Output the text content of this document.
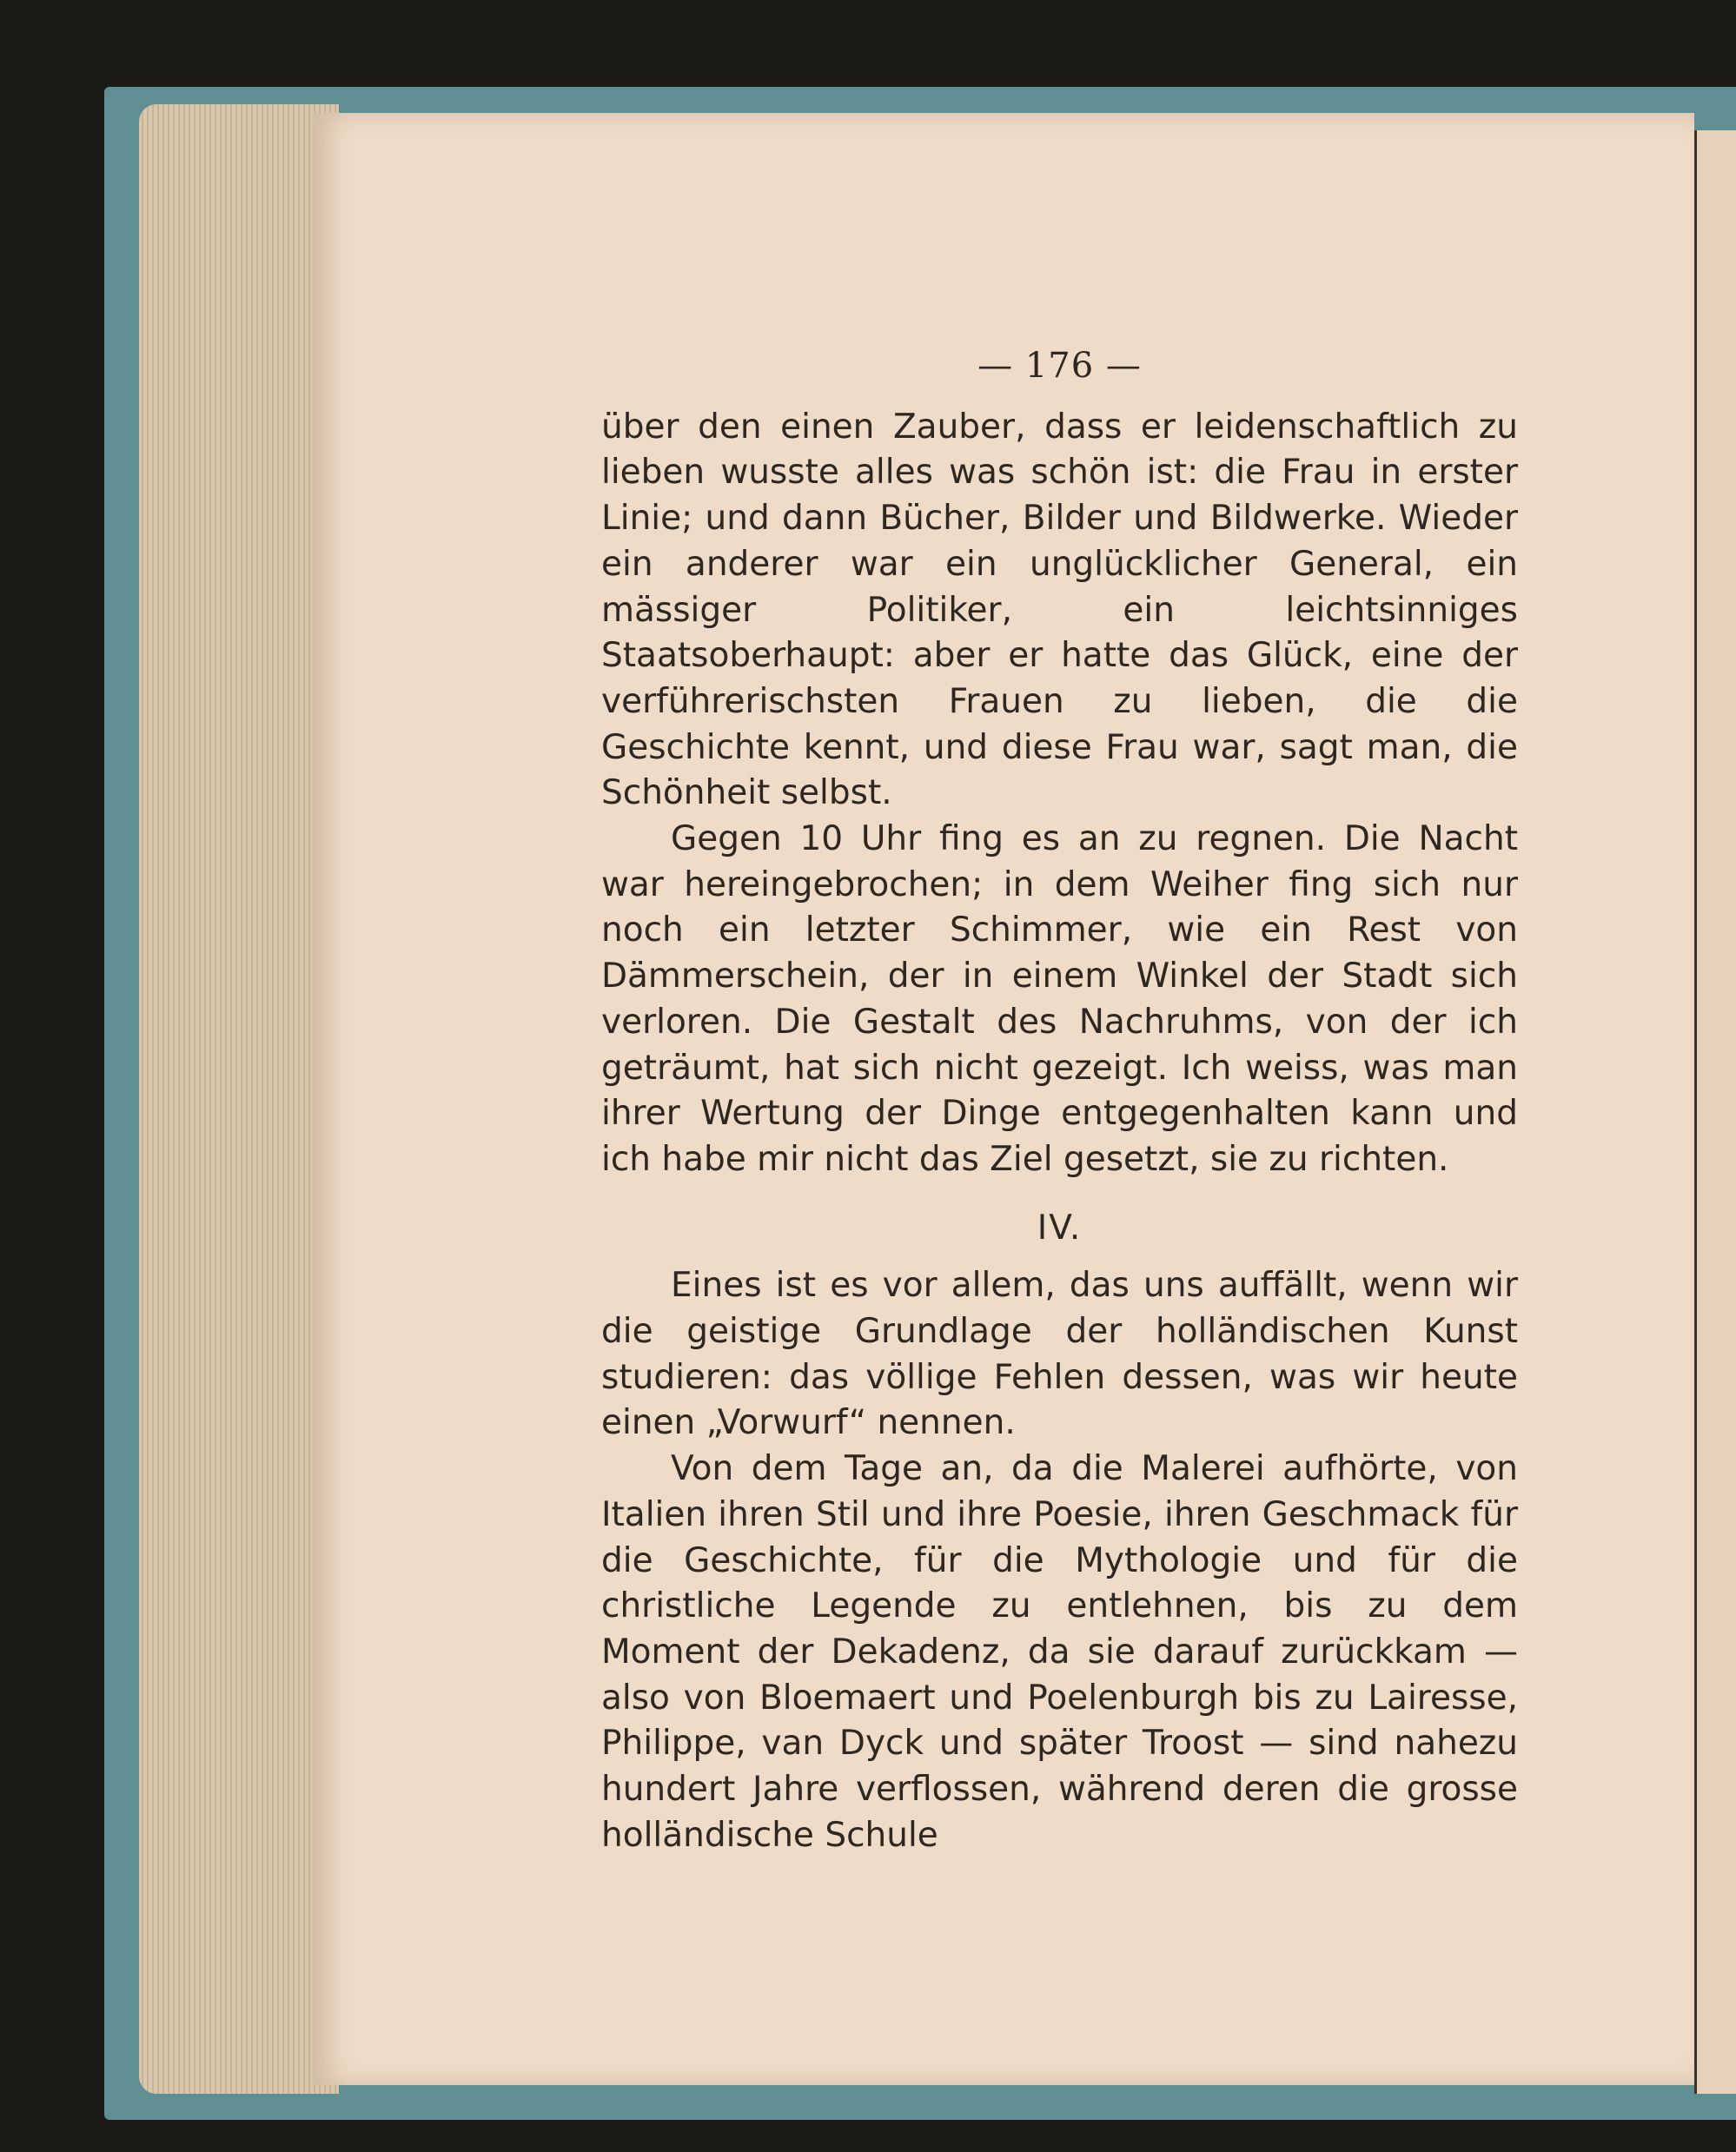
— 176 —

über den einen Zauber, dass er leidenschaftlich zu lieben wusste alles was schön ist: die Frau in erster Linie; und dann Bücher, Bilder und Bildwerke. Wieder ein anderer war ein unglücklicher General, ein mässiger Politiker, ein leichtsinniges Staatsoberhaupt: aber er hatte das Glück, eine der verführerischsten Frauen zu lieben, die die Geschichte kennt, und diese Frau war, sagt man, die Schönheit selbst.

Gegen 10 Uhr fing es an zu regnen. Die Nacht war hereingebrochen; in dem Weiher fing sich nur noch ein letzter Schimmer, wie ein Rest von Dämmerschein, der in einem Winkel der Stadt sich verloren. Die Gestalt des Nachruhms, von der ich geträumt, hat sich nicht gezeigt. Ich weiss, was man ihrer Wertung der Dinge entgegenhalten kann und ich habe mir nicht das Ziel gesetzt, sie zu richten.

IV.

Eines ist es vor allem, das uns auffällt, wenn wir die geistige Grundlage der holländischen Kunst studieren: das völlige Fehlen dessen, was wir heute einen „Vorwurf“ nennen.

Von dem Tage an, da die Malerei aufhörte, von Italien ihren Stil und ihre Poesie, ihren Geschmack für die Geschichte, für die Mythologie und für die christliche Legende zu entlehnen, bis zu dem Moment der Dekadenz, da sie darauf zurückkam — also von Bloemaert und Poelenburgh bis zu Lairesse, Philippe, van Dyck und später Troost — sind nahezu hundert Jahre verflossen, während deren die grosse holländische Schule
